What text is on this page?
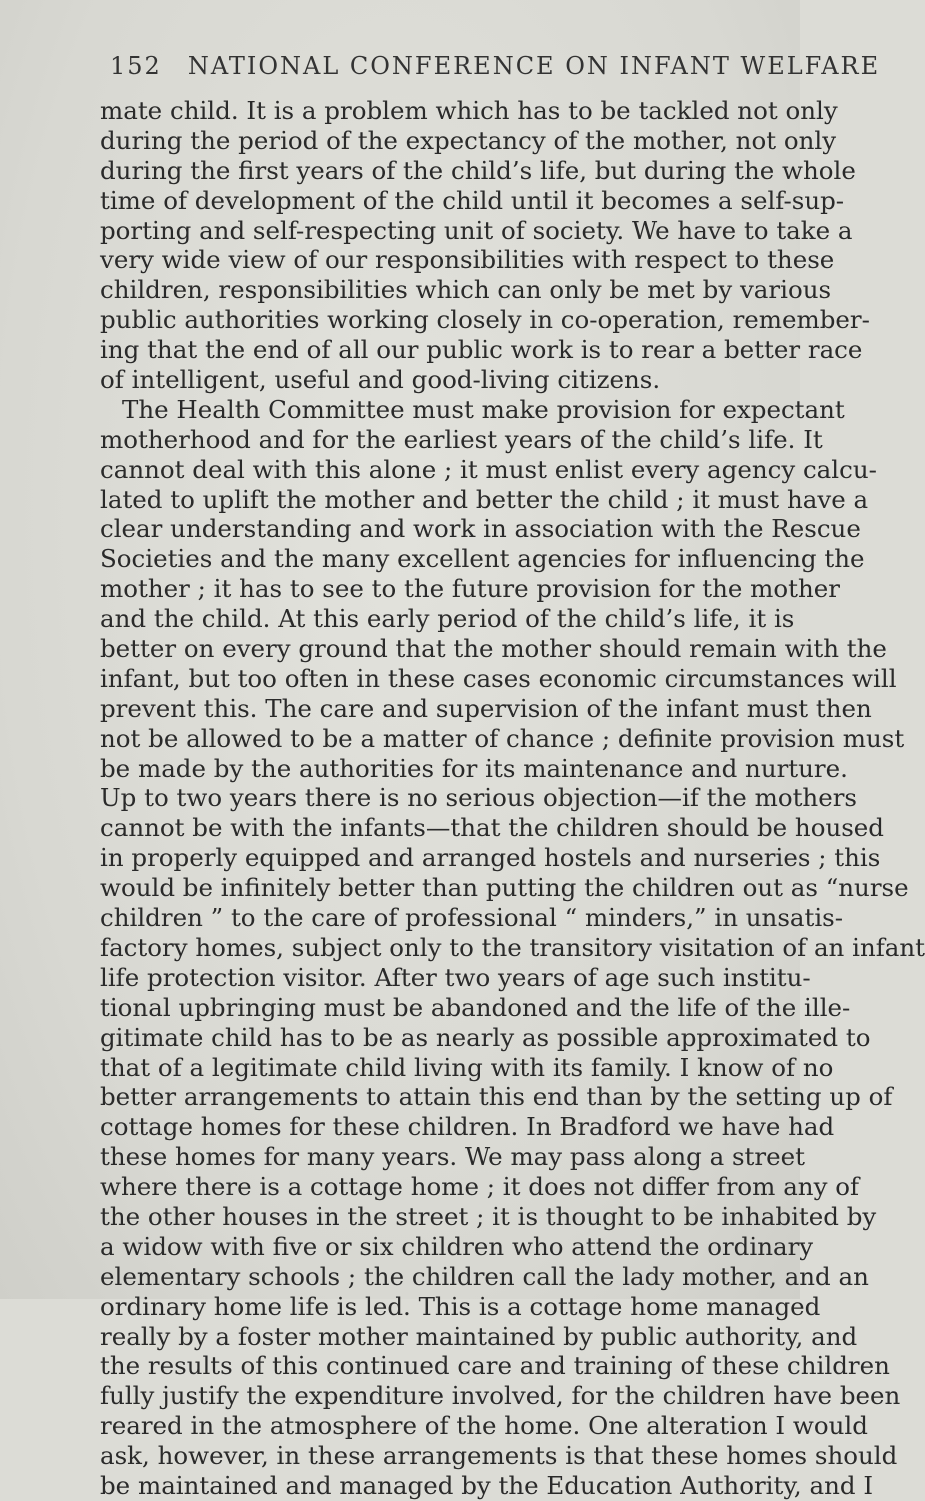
152 NATIONAL CONFERENCE ON INFANT WELFARE
mate child. It is a problem which has to be tackled not only
during the period of the expectancy of the mother, not only
during the first years of the child’s life, but during the whole
time of development of the child until it becomes a self-sup-
porting and self-respecting unit of society. We have to take a
very wide view of our responsibilities with respect to these
children, responsibilities which can only be met by various
public authorities working closely in co-operation, remember-
ing that the end of all our public work is to rear a better race
of intelligent, useful and good-living citizens.
The Health Committee must make provision for expectant
motherhood and for the earliest years of the child’s life. It
cannot deal with this alone ; it must enlist every agency calcu-
lated to uplift the mother and better the child ; it must have a
clear understanding and work in association with the Rescue
Societies and the many excellent agencies for influencing the
mother ; it has to see to the future provision for the mother
and the child. At this early period of the child’s life, it is
better on every ground that the mother should remain with the
infant, but too often in these cases economic circumstances will
prevent this. The care and supervision of the infant must then
not be allowed to be a matter of chance ; definite provision must
be made by the authorities for its maintenance and nurture.
Up to two years there is no serious objection—if the mothers
cannot be with the infants—that the children should be housed
in properly equipped and arranged hostels and nurseries ; this
would be infinitely better than putting the children out as “nurse
children ” to the care of professional “ minders,” in unsatis-
factory homes, subject only to the transitory visitation of an infant
life protection visitor. After two years of age such institu-
tional upbringing must be abandoned and the life of the ille-
gitimate child has to be as nearly as possible approximated to
that of a legitimate child living with its family. I know of no
better arrangements to attain this end than by the setting up of
cottage homes for these children. In Bradford we have had
these homes for many years. We may pass along a street
where there is a cottage home ; it does not differ from any of
the other houses in the street ; it is thought to be inhabited by
a widow with five or six children who attend the ordinary
elementary schools ; the children call the lady mother, and an
ordinary home life is led. This is a cottage home managed
really by a foster mother maintained by public authority, and
the results of this continued care and training of these children
fully justify the expenditure involved, for the children have been
reared in the atmosphere of the home. One alteration I would
ask, however, in these arrangements is that these homes should
be maintained and managed by the Education Authority, and I
